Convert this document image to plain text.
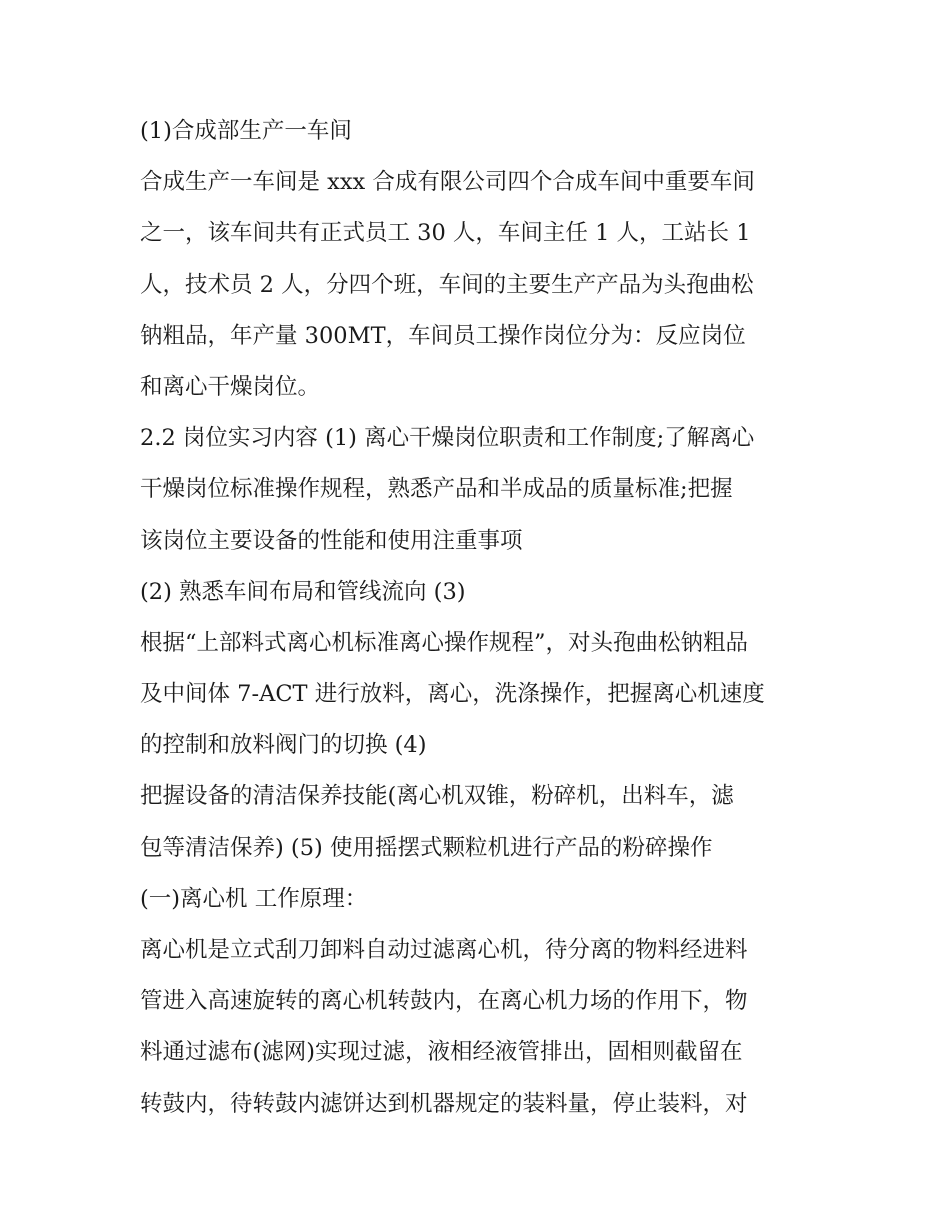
(1)合成部生产一车间
合成生产一车间是 xxx 合成有限公司四个合成车间中重要车间
之一，该车间共有正式员工 30 人，车间主任 1 人，工站长 1
人，技术员 2 人，分四个班，车间的主要生产产品为头孢曲松
钠粗品，年产量 300MT，车间员工操作岗位分为：反应岗位
和离心干燥岗位。
2.2 岗位实习内容 (1) 离心干燥岗位职责和工作制度;了解离心
干燥岗位标准操作规程，熟悉产品和半成品的质量标准;把握
该岗位主要设备的性能和使用注重事项
(2) 熟悉车间布局和管线流向 (3)
根据“上部料式离心机标准离心操作规程”，对头孢曲松钠粗品
及中间体 7-ACT 进行放料，离心，洗涤操作，把握离心机速度
的控制和放料阀门的切换 (4)
把握设备的清洁保养技能(离心机双锥，粉碎机，出料车，滤
包等清洁保养) (5) 使用摇摆式颗粒机进行产品的粉碎操作
(一)离心机 工作原理：
离心机是立式刮刀卸料自动过滤离心机，待分离的物料经进料
管进入高速旋转的离心机转鼓内，在离心机力场的作用下，物
料通过滤布(滤网)实现过滤，液相经液管排出，固相则截留在
转鼓内，待转鼓内滤饼达到机器规定的装料量，停止装料，对
